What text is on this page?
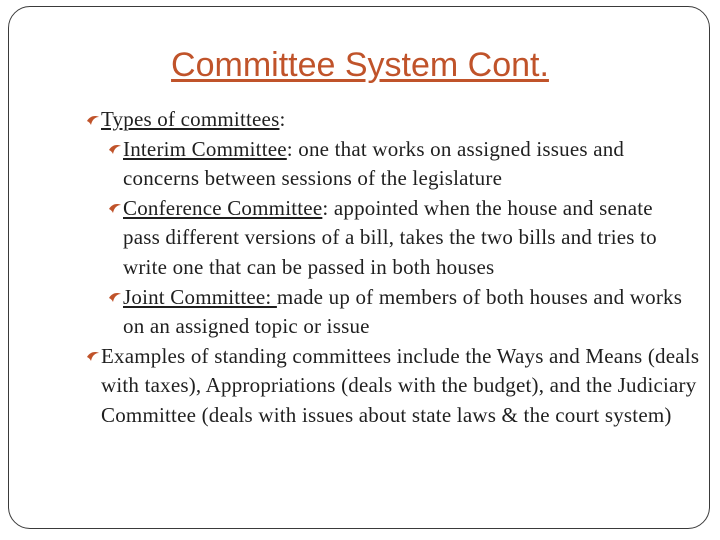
Committee System Cont.
Types of committees:
Interim Committee: one that works on assigned issues and concerns between sessions of the legislature
Conference Committee: appointed when the house and senate pass different versions of a bill, takes the two bills and tries to write one that can be passed in both houses
Joint Committee: made up of members of both houses and works on an assigned topic or issue
Examples of standing committees include the Ways and Means (deals with taxes), Appropriations (deals with the budget), and the Judiciary Committee (deals with issues about state laws & the court system)
